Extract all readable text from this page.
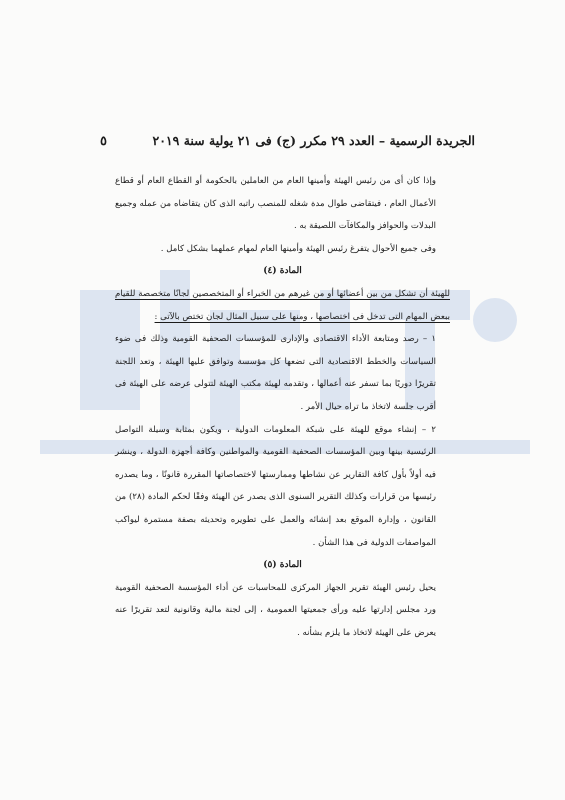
الجريدة الرسمية – العدد ٢٩ مكرر (ج) فى ٢١ يولية سنة ٢٠١٩
٥

وإذا كان أى من رئيس الهيئة وأمينها العام من العاملين بالحكومة أو القطاع العام أو قطاع الأعمال العام ، فيتقاضى طوال مدة شغله للمنصب راتبه الذى كان يتقاضاه من عمله وجميع البدلات والحوافز والمكافآت اللصيقة به .

وفى جميع الأحوال يتفرغ رئيس الهيئة وأمينها العام لمهام عملهما بشكل كامل .

المادة (٤)

للهيئة أن تشكل من بين أعضائها أو من غيرهم من الخبراء أو المتخصصين لجانًا متخصصة للقيام ببعض المهام التى تدخل فى اختصاصها ، ومنها على سبيل المثال لجان تختص بالآتى :

١ – رصد ومتابعة الأداء الاقتصادى والإدارى للمؤسسات الصحفية القومية وذلك فى ضوء السياسات والخطط الاقتصادية التى تضعها كل مؤسسة وتوافق عليها الهيئة ، وتعد اللجنة تقريرًا دوريًا بما تسفر عنه أعمالها ، وتقدمه لهيئة مكتب الهيئة لتتولى عرضه على الهيئة فى أقرب جلسة لاتخاذ ما تراه حيال الأمر .

٢ – إنشاء موقع للهيئة على شبكة المعلومات الدولية ، ويكون بمثابة وسيلة التواصل الرئيسية بينها وبين المؤسسات الصحفية القومية والمواطنين وكافة أجهزة الدولة ، وينشر فيه أولاً بأول كافة التقارير عن نشاطها وممارستها لاختصاصاتها المقررة قانونًا ، وما يصدره رئيسها من قرارات وكذلك التقرير السنوى الذى يصدر عن الهيئة وفقًا لحكم المادة (٢٨) من القانون ، وإدارة الموقع بعد إنشائه والعمل على تطويره وتحديثه بصفة مستمرة ليواكب المواصفات الدولية فى هذا الشأن .

المادة (٥)

يحيل رئيس الهيئة تقرير الجهاز المركزى للمحاسبات عن أداء المؤسسة الصحفية القومية ورد مجلس إدارتها عليه ورأى جمعيتها العمومية ، إلى لجنة مالية وقانونية لتعد تقريرًا عنه يعرض على الهيئة لاتخاذ ما يلزم بشأنه .
